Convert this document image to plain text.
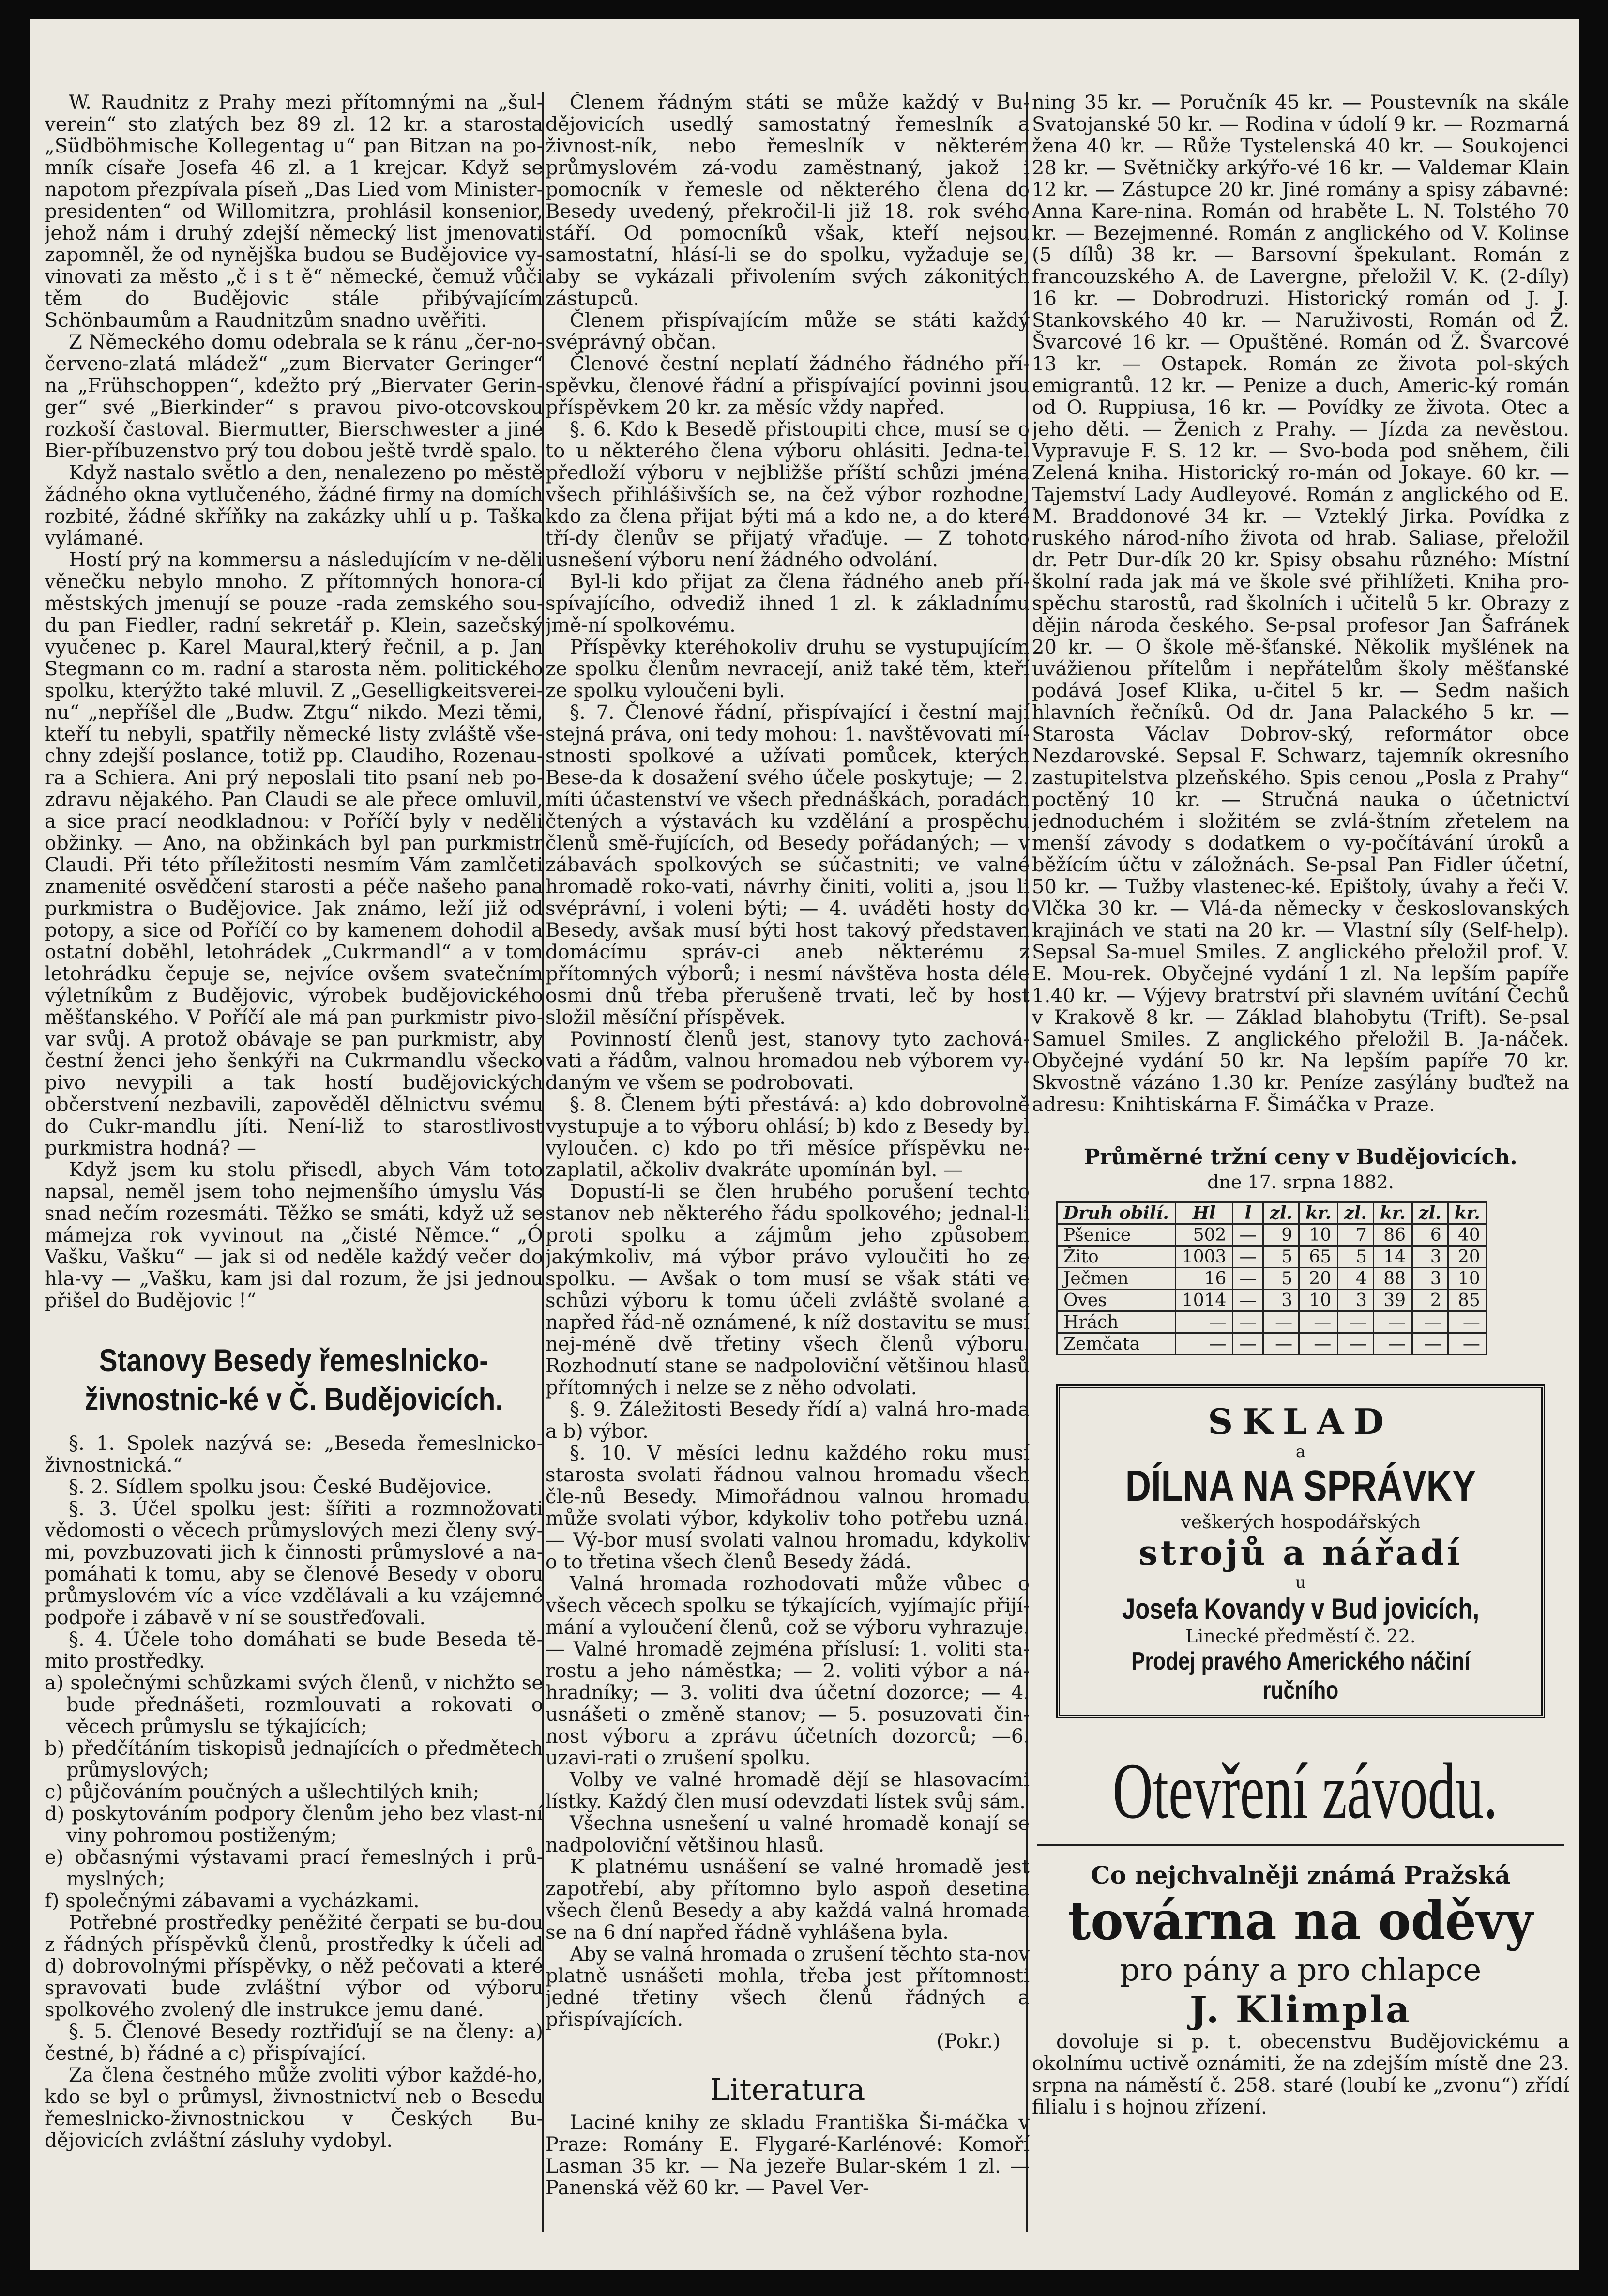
W. Raudnitz z Prahy mezi přítomnými na „šul-verein“ sto zlatých bez 89 zl. 12 kr. a starosta „Südböhmische Kollegentag u“ pan Bitzan na po-mník císaře Josefa 46 zl. a 1 krejcar. Když se napotom přezpívala píseň „Das Lied vom Minister-presidenten“ od Willomitzra, prohlásil konsenior, jehož nám i druhý zdejší německý list jmenovati zapomněl, že od nynějška budou se Budějovice vy-vinovati za město „č i s t ě“ německé, čemuž vůči těm do Budějovic stále přibývajícím Schönbaumům a Raudnitzům snadno uvěřiti.

Z Německého domu odebrala se k ránu „čer-no-červeno-zlatá mládež“ „zum Biervater Geringer“ na „Frühschoppen“, kdežto prý „Biervater Gerin-ger“ své „Bierkinder“ s pravou pivo-otcovskou rozkoší častoval. Biermutter, Bierschwester a jiné Bier-příbuzenstvo prý tou dobou ještě tvrdě spalo.

Když nastalo světlo a den, nenalezeno po městě žádného okna vytlučeného, žádné firmy na domích rozbité, žádné skříňky na zakázky uhlí u p. Taška vylámané.

Hostí prý na kommersu a následujícím v ne-děli věnečku nebylo mnoho. Z přítomných honora-cí městských jmenují se pouze -rada zemského sou-du pan Fiedler, radní sekretář p. Klein, sazečský vyučenec p. Karel Maural,který řečnil, a p. Jan Stegmann co m. radní a starosta něm. politického spolku, kterýžto také mluvil. Z „Geselligkeitsverei-nu“ „nepříšel dle „Budw. Ztgu“ nikdo. Mezi těmi, kteří tu nebyli, spatřily německé listy zvláště vše-chny zdejší poslance, totiž pp. Claudiho, Rozenau-ra a Schiera. Ani prý neposlali tito psaní neb po-zdravu nějakého. Pan Claudi se ale přece omluvil, a sice prací neodkladnou: v Poříčí byly v neděli obžinky. — Ano, na obžinkách byl pan purkmistr Claudi. Při této příležitosti nesmím Vám zamlčeti znamenité osvědčení starosti a péče našeho pana purkmistra o Budějovice. Jak známo, leží již od potopy, a sice od Poříčí co by kamenem dohodil a ostatní doběhl, letohrádek „Cukrmandl“ a v tom letohrádku čepuje se, nejvíce ovšem svatečním výletníkům z Budějovic, výrobek budějovického měšťanského. V Poříčí ale má pan purkmistr pivo-var svůj. A protož obávaje se pan purkmistr, aby čestní ženci jeho šenkýři na Cukrmandlu všecko pivo nevypili a tak hostí budějovických občerstvení nezbavili, zapověděl dělnictvu svému do Cukr-mandlu jíti. Není-liž to starostlivost purkmistra hodná? —

Když jsem ku stolu přisedl, abych Vám toto napsal, neměl jsem toho nejmenšího úmyslu Vás snad nečím rozesmáti. Těžko se smáti, když už se mámeјza rok vyvinout na „čisté Němce.“ „Ó Vašku, Vašku“ — jak si od neděle každý večer do hla-vy — „Vašku, kam jsi dal rozum, že jsi jednou přišel do Budějovic !“

Stanovy Besedy řemeslnicko-živnostnic-ké v Č. Budějovicích.

§. 1. Spolek nazývá se: „Beseda řemeslnicko-živnostnická.“

§. 2. Sídlem spolku jsou: České Budějovice.

§. 3. Účel spolku jest: šířiti a rozmnožovati vědomosti o věcech průmyslových mezi členy svý-mi, povzbuzovati jich k činnosti průmyslové a na-pomáhati k tomu, aby se členové Besedy v oboru průmyslovém víc a více vzdělávali a ku vzájemné podpoře i zábavě v ní se soustřeďovali.

§. 4. Účele toho domáhati se bude Beseda tě-mito prostředky.

a) společnými schůzkami svých členů, v nichžto se bude přednášeti, rozmlouvati a rokovati o věcech průmyslu se týkajících;

b) předčítáním tiskopisů jednajících o předmětech průmyslových;

c) půjčováním poučných a ušlechtilých knih;

d) poskytováním podpory členům jeho bez vlast-ní viny pohromou postiženým;

e) občasnými výstavami prací řemeslných i prů-myslných;

f) společnými zábavami a vycházkami.

Potřebné prostředky peněžité čerpati se bu-dou z řádných příspěvků členů, prostředky k účeli ad d) dobrovolnými příspěvky, o něž pečovati a které spravovati bude zvláštní výbor od výboru spolkového zvolený dle instrukce jemu dané.

§. 5. Členové Besedy roztřiďují se na členy: a) čestné, b) řádné a c) přispívající.

Za člena čestného může zvoliti výbor každé-ho, kdo se byl o průmysl, živnostnictví neb o Besedu řemeslnicko-živnostnickou v Českých Bu-dějovicích zvláštní zásluhy vydobyl.

Členem řádným státi se může každý v Bu-dějovicích usedlý samostatný řemeslník a živnost-ník, nebo řemeslník v některém průmyslovém zá-vodu zaměstnaný, jakož i pomocník v řemesle od některého člena do Besedy uvedený, překročil-li již 18. rok svého stáří. Od pomocníků však, kteří nejsou samostatní, hlásí-li se do spolku, vyžaduje se, aby se vykázali přivolením svých zákonitých zástupců.

Členem přispívajícím může se státi každý svéprávný občan.

Členové čestní neplatí žádného řádného pří-spěvku, členové řádní a přispívající povinni jsou příspěvkem 20 kr. za měsíc vždy napřed.

§. 6. Kdo k Besedě přistoupiti chce, musí se o to u některého člena výboru ohlásiti. Jedna-tel předloží výboru v nejbližše příští schůzi jména všech přihlášivších se, na čež výbor rozhodne, kdo za člena přijat býti má a kdo ne, a do které tří-dy členův se přijatý vřaďuje. — Z tohoto usnešení výboru není žádného odvolání.

Byl-li kdo přijat za člena řádného aneb pří-spívajícího, odvediž ihned 1 zl. k základnímu jmě-ní spolkovému.

Příspěvky kteréhokoliv druhu se vystupujícím ze spolku členům nevracejí, aniž také těm, kteří ze spolku vyloučeni byli.

§. 7. Členové řádní, přispívající i čestní mají stejná práva, oni tedy mohou: 1. navštěvovati mí-stnosti spolkové a užívati pomůcek, kterých Bese-da k dosažení svého účele poskytuje; — 2. míti účastenství ve všech přednáškách, poradách čtených a výstavách ku vzdělání a prospěchu členů smě-řujících, od Besedy pořádaných; — v zábavách spolkových se súčastniti; ve valné hromadě roko-vati, návrhy činiti, voliti a, jsou li svéprávní, i voleni býti; — 4. uváděti hosty do Besedy, avšak musí býti host takový představen domácímu správ-ci aneb některému z přítomných výborů; i nesmí návštěva hosta déle osmi dnů třeba přerušeně trvati, leč by host složil měsíční příspěvek.

Povinností členů jest, stanovy tyto zachová-vati a řádům, valnou hromadou neb výborem vy-daným ve všem se podrobovati.

§. 8. Členem býti přestává: a) kdo dobrovolně vystupuje a to výboru ohlásí; b) kdo z Besedy byl vyloučen. c) kdo po tři měsíce příspěvku ne-zaplatil, ačkoliv dvakráte upomínán byl. —

Dopustí-li se člen hrubého porušení techto stanov neb některého řádu spolkového; jednal-li proti spolku a zájmům jeho způsobem jakýmkoliv, má výbor právo vyloučiti ho ze spolku. — Avšak o tom musí se však státi ve schůzi výboru k tomu účeli zvláště svolané a napřed řád-ně oznámené, k níž dostavitu se musí nej-méně dvě třetiny všech členů výboru. Rozhodnutí stane se nadpoloviční většinou hlasů přítomných i nelze se z něho odvolati.

§. 9. Záležitosti Besedy řídí a) valná hro-mada a b) výbor.

§. 10. V měsíci lednu každého roku musí starosta svolati řádnou valnou hromadu všech čle-nů Besedy. Mimořádnou valnou hromadu může svolati výbor, kdykoliv toho potřebu uzná. — Vý-bor musí svolati valnou hromadu, kdykoliv o to třetina všech členů Besedy žádá.

Valná hromada rozhodovati může vůbec o všech věcech spolku se týkajících, vyjímajíc přijí-mání a vyloučení členů, což se výboru vyhrazuje. — Valné hromadě zejména příslusí: 1. voliti sta-rostu a jeho náměstka; — 2. voliti výbor a ná-hradníky; — 3. voliti dva účetní dozorce; — 4. usnášeti o změně stanov; — 5. posuzovati čin-nost výboru a zprávu účetních dozorců; —6. uzavi-rati o zrušení spolku.

Volby ve valné hromadě dějí se hlasovacími lístky. Každý člen musí odevzdati lístek svůj sám.

Všechna usnešení u valné hromadě konají se nadpoloviční většinou hlasů.

K platnému usnášení se valné hromadě jest zapotřebí, aby přítomno bylo aspoň desetina všech členů Besedy a aby každá valná hromada se na 6 dní napřed řádně vyhlášena byla.

Aby se valná hromada o zrušení těchto sta-nov platně usnášeti mohla, třeba jest přítomnosti jedné třetiny všech členů řádných a přispívajících.

(Pokr.)

Literatura

Laciné knihy ze skladu Františka Ši-máčka v Praze: Romány E. Flygaré-Karlénové: Komoří Lasman 35 kr. — Na jezeře Bular-ském 1 zl. — Panenská věž 60 kr. — Pavel Ver-

ning 35 kr. — Poručník 45 kr. — Poustevník na skále Svatojanské 50 kr. — Rodina v údolí 9 kr. — Rozmarná žena 40 kr. — Růže Tystelenská 40 kr. — Soukojenci 28 kr. — Světničky arkýřo-vé 16 kr. — Valdemar Klain 12 kr. — Zástupce 20 kr. Jiné romány a spisy zábavné: Anna Kare-nina. Román od hraběte L. N. Tolstého 70 kr. — Bezejmenné. Román z anglického od V. Kolinse (5 dílů) 38 kr. — Barsovní špekulant. Román z francouzského A. de Lavergne, přeložil V. K. (2-díly) 16 kr. — Dobrodruzi. Historický román od J. J. Stankovského 40 kr. — Naruživosti, Román od Ž. Švarcové 16 kr. — Opuštěné. Román od Ž. Švarcové 13 kr. — Ostapek. Román ze života pol-ských emigrantů. 12 kr. — Penize a duch, Americ-ký román od O. Ruppiusa, 16 kr. — Povídky ze života. Otec a jeho děti. — Ženich z Prahy. — Jízda za nevěstou. Vypravuje F. S. 12 kr. — Svo-boda pod sněhem, čili Zelená kniha. Historický ro-mán od Jokaye. 60 kr. — Tajemství Lady Audleyové. Román z anglického od E. M. Braddonové 34 kr. — Vzteklý Jirka. Povídka z ruského národ-ního života od hrab. Saliase, přeložil dr. Petr Dur-dík 20 kr. Spisy obsahu různého: Místní školní rada jak má ve škole své přihlížeti. Kniha pro-spěchu starostů, rad školních i učitelů 5 kr. Obrazy z dějin národa českého. Se-psal profesor Jan Šafránek 20 kr. — O škole mě-šťanské. Několik myšlének na uvážienou přítelům i nepřátelům školy měšťanské podává Josef Klika, u-čitel 5 kr. — Sedm našich hlavních řečníků. Od dr. Jana Palackého 5 kr. — Starosta Václav Dobrov-ský, reformátor obce Nezdarovské. Sepsal F. Schwarz, tajemník okresního zastupitelstva plzeňského. Spis cenou „Posla z Prahy“ poctěný 10 kr. — Stručná nauka o účetnictví jednoduchém i složitém se zvlá-štním zřetelem na menší závody s dodatkem o vy-počítávání úroků a běžícím účtu v záložnách. Se-psal Pan Fidler účetní, 50 kr. — Tužby vlastenec-ké. Epištoly, úvahy a řeči V. Vlčka 30 kr. — Vlá-da německy v českoslovanských krajinách ve stati na 20 kr. — Vlastní síly (Self-help). Sepsal Sa-muel Smiles. Z anglického přeložil prof. V. E. Mou-rek. Obyčejné vydání 1 zl. Na lepším papíře 1.40 kr. — Výjevy bratrství při slavném uvítání Čechů v Krakově 8 kr. — Základ blahobytu (Trift). Se-psal Samuel Smiles. Z anglického přeložil B. Ja-náček. Obyčejné vydání 50 kr. Na lepším papíře 70 kr. Skvostně vázáno 1.30 kr. Peníze zasýlány buďtež na adresu: Knihtiskárna F. Šimáčka v Praze.

Průměrné tržní ceny v Budějovicích.
dne 17. srpna 1882.
Druh obilí.	Hl	l	zl.	kr.	zl.	kr.	zl.	kr.
Pšenice	502	—	9	10	7	86	6	40
Žito	1003	—	5	65	5	14	3	20
Ječmen	16	—	5	20	4	88	3	10
Oves	1014	—	3	10	3	39	2	85
Hrách	—	—	—	—	—	—	—	—
Zemčata	—	—	—	—	—	—	—	—
SKLAD
a
DÍLNA NA SPRÁVKY
veškerých hospodářských
strojů a nářadí
u
Josefa Kovandy v Bud jovicích,
Linecké předměstí č. 22.
Prodej pravého Amerického náčiní ručního
Otevření závodu.
Co nejchvalněji známá Pražská
továrna na oděvy
pro pány a pro chlapce
J. Klimpla

dovoluje si p. t. obecenstvu Budějovickému a okolnímu uctivě oznámiti, že na zdejším místě dne 23. srpna na náměstí č. 258. staré (loubí ke „zvonu“) zřídí filialu i s hojnou zřízení.
